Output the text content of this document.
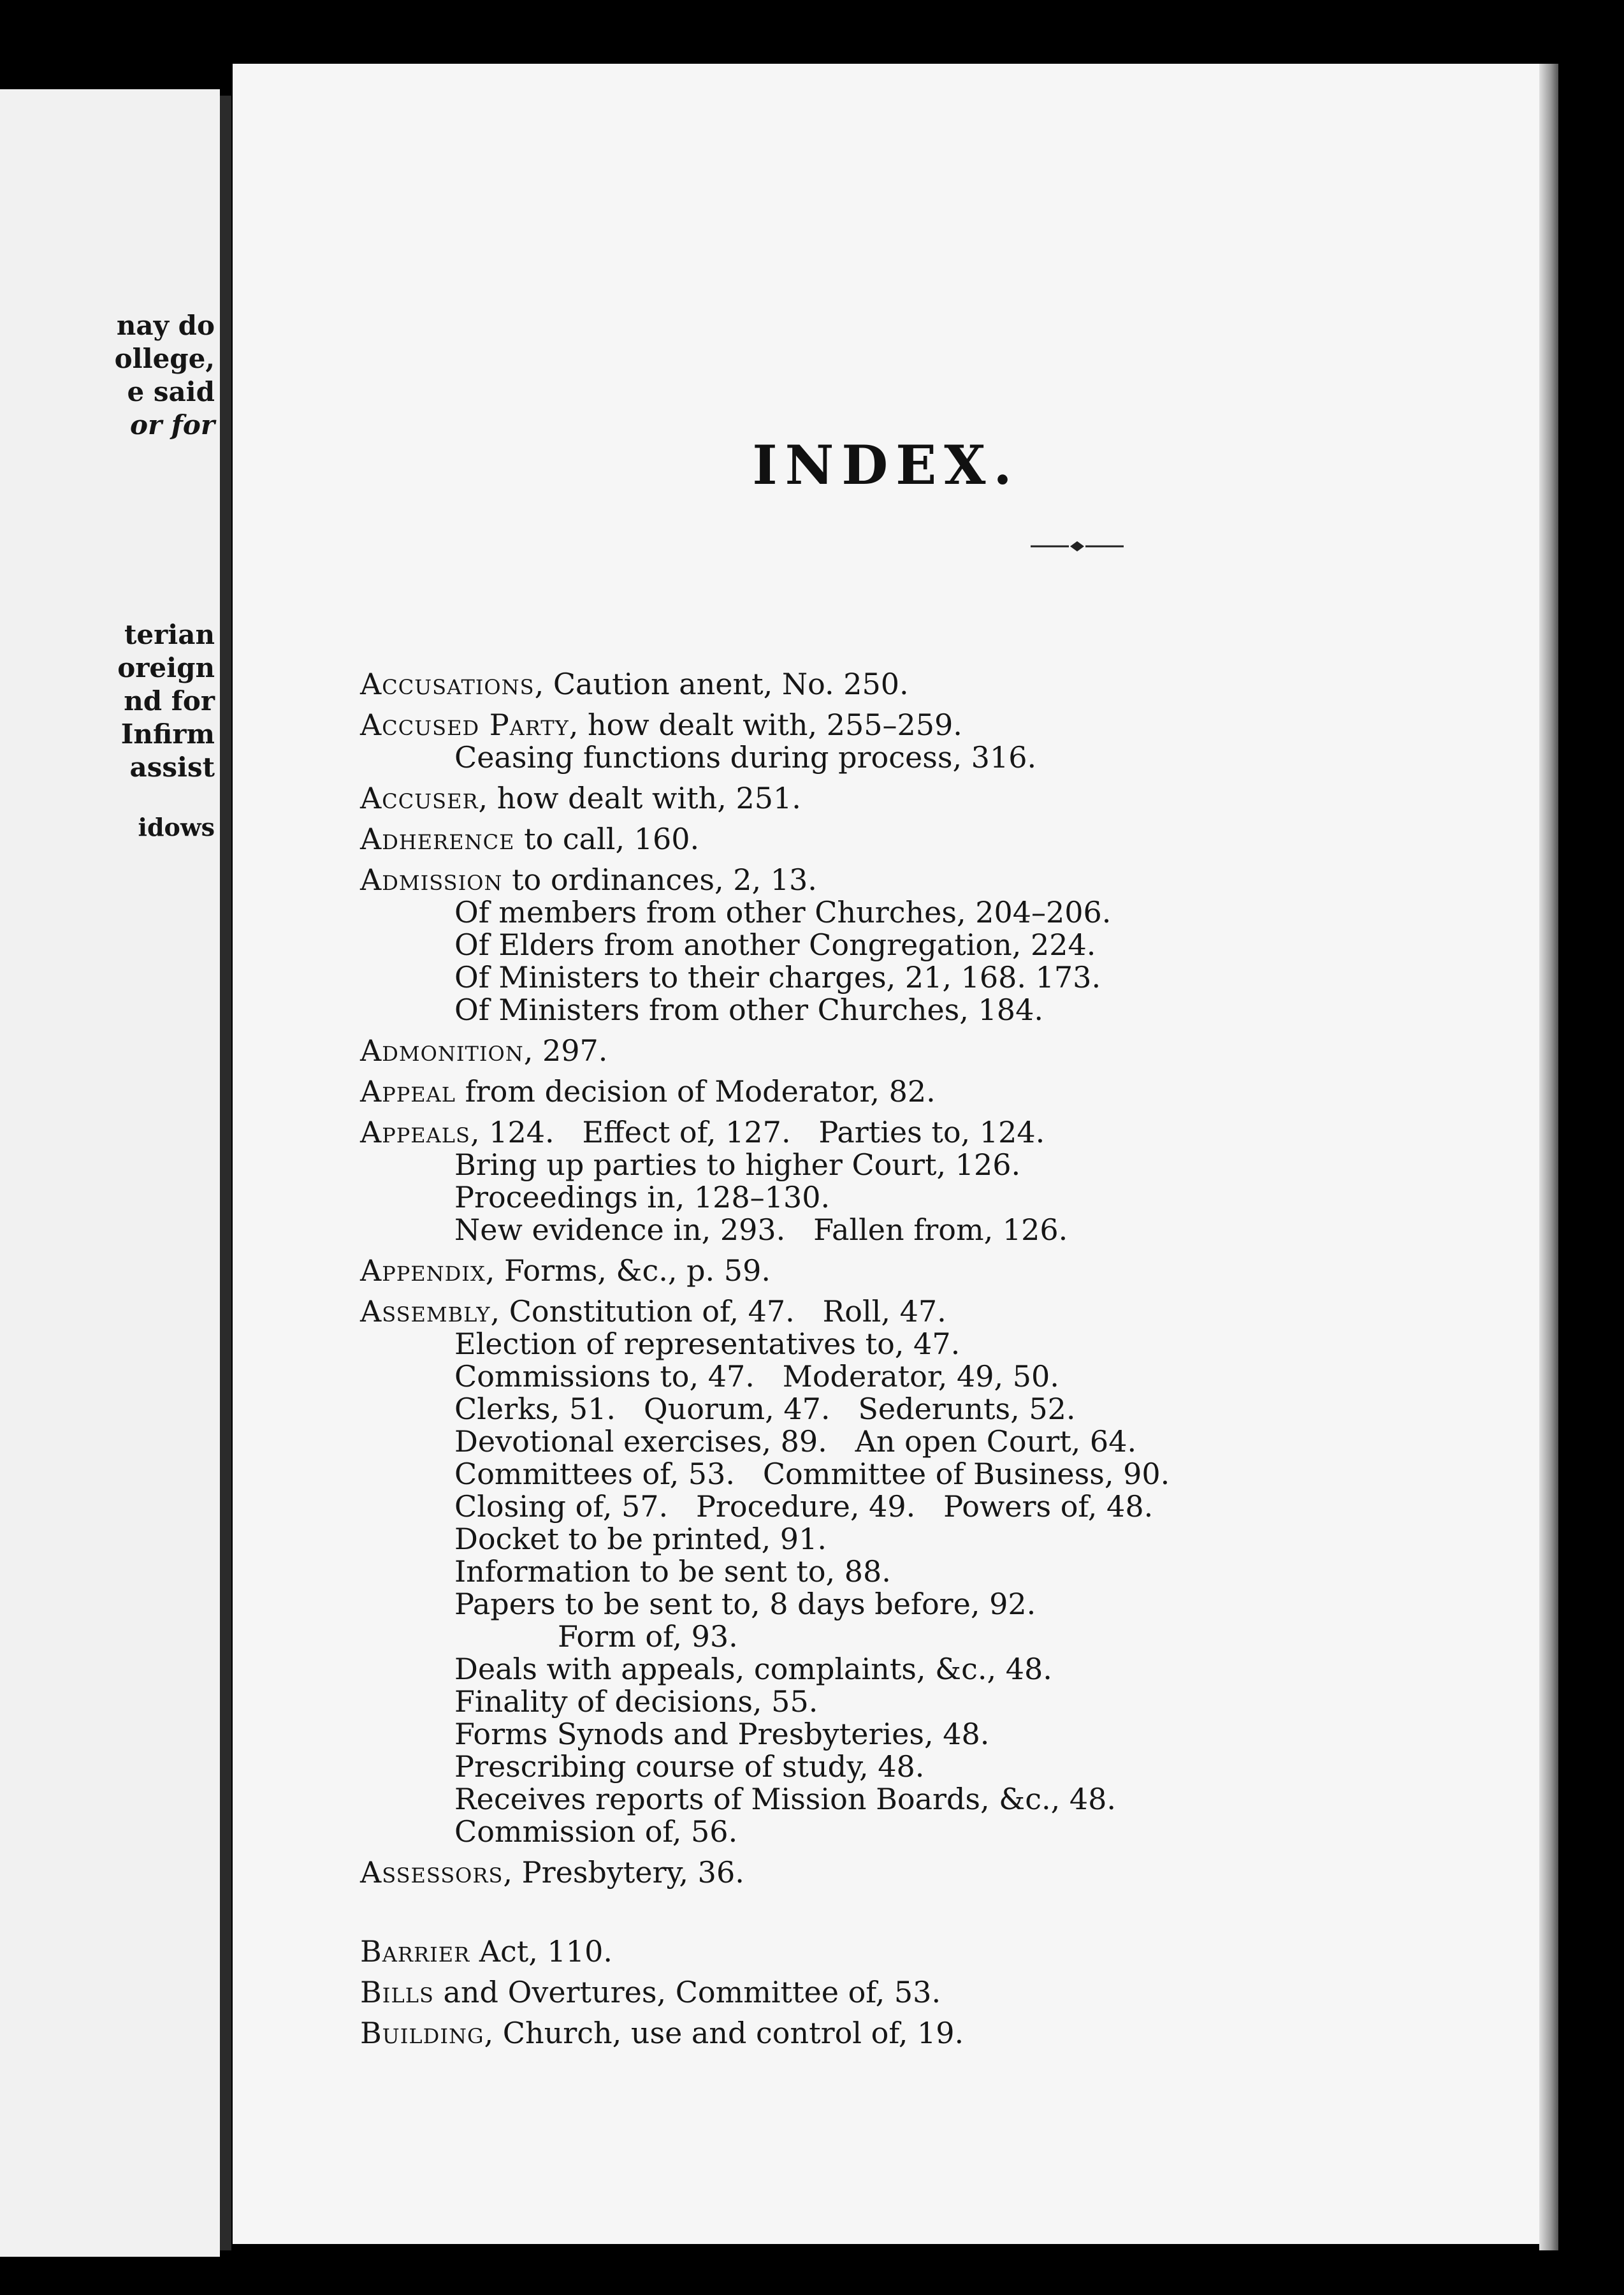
nay do

ollege,

e said

or for

terian

oreign

nd for

Infirm

assist

idows

INDEX.
Accusations, Caution anent, No. 250.
Accused Party, how dealt with, 255–259.
Ceasing functions during process, 316.
Accuser, how dealt with, 251.
Adherence to call, 160.
Admission to ordinances, 2, 13.
Of members from other Churches, 204–206.
Of Elders from another Congregation, 224.
Of Ministers to their charges, 21, 168. 173.
Of Ministers from other Churches, 184.
Admonition, 297.
Appeal from decision of Moderator, 82.
Appeals, 124.   Effect of, 127.   Parties to, 124.
Bring up parties to higher Court, 126.
Proceedings in, 128–130.
New evidence in, 293.   Fallen from, 126.
Appendix, Forms, &c., p. 59.
Assembly, Constitution of, 47.   Roll, 47.
Election of representatives to, 47.
Commissions to, 47.   Moderator, 49, 50.
Clerks, 51.   Quorum, 47.   Sederunts, 52.
Devotional exercises, 89.   An open Court, 64.
Committees of, 53.   Committee of Business, 90.
Closing of, 57.   Procedure, 49.   Powers of, 48.
Docket to be printed, 91.
Information to be sent to, 88.
Papers to be sent to, 8 days before, 92.
Form of, 93.
Deals with appeals, complaints, &c., 48.
Finality of decisions, 55.
Forms Synods and Presbyteries, 48.
Prescribing course of study, 48.
Receives reports of Mission Boards, &c., 48.
Commission of, 56.
Assessors, Presbytery, 36.
Barrier Act, 110.
Bills and Overtures, Committee of, 53.
Building, Church, use and control of, 19.
